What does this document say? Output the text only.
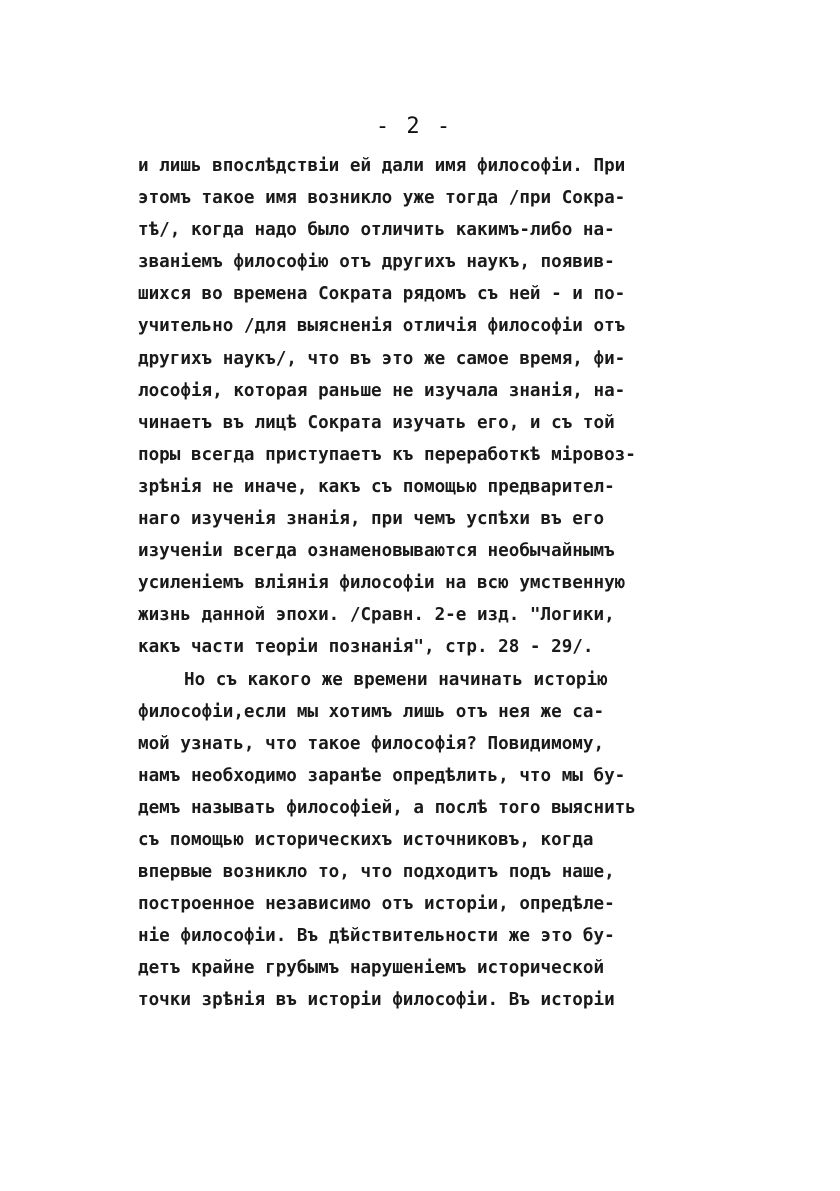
- 2 -
и лишь впослѣдствіи ей дали имя философіи. При
этомъ такое имя возникло уже тогда /при Сокра-
тѣ/, когда надо было отличить какимъ-либо на-
званіемъ философію отъ другихъ наукъ, появив-
шихся во времена Сократа рядомъ съ ней - и по-
учительно /для выясненія отличія философіи отъ
другихъ наукъ/, что въ это же самое время, фи-
лософія, которая раньше не изучала знанія, на-
чинаетъ въ лицѣ Сократа изучать его, и съ той
поры всегда приступаетъ къ переработкѣ міровоз-
зрѣнія не иначе, какъ съ помощью предварител-
наго изученія знанія, при чемъ успѣхи въ его
изученіи всегда ознаменовываются необычайнымъ
усиленіемъ вліянія философіи на всю умственную
жизнь данной эпохи. /Сравн. 2-е изд. "Логики,
какъ части теоріи познанія", стр. 28 - 29/.
Но съ какого же времени начинать исторію
философіи,если мы хотимъ лишь отъ нея же са-
мой узнать, что такое философія? Повидимому,
намъ необходимо заранѣе опредѣлить, что мы бу-
демъ называть философіей, а послѣ того выяснить
съ помощью историческихъ источниковъ, когда
впервые возникло то, что подходитъ подъ наше,
построенное независимо отъ исторіи, опредѣле-
ніе философіи. Въ дѣйствительности же это бу-
детъ крайне грубымъ нарушеніемъ исторической
точки зрѣнія въ исторіи философіи. Въ исторіи
